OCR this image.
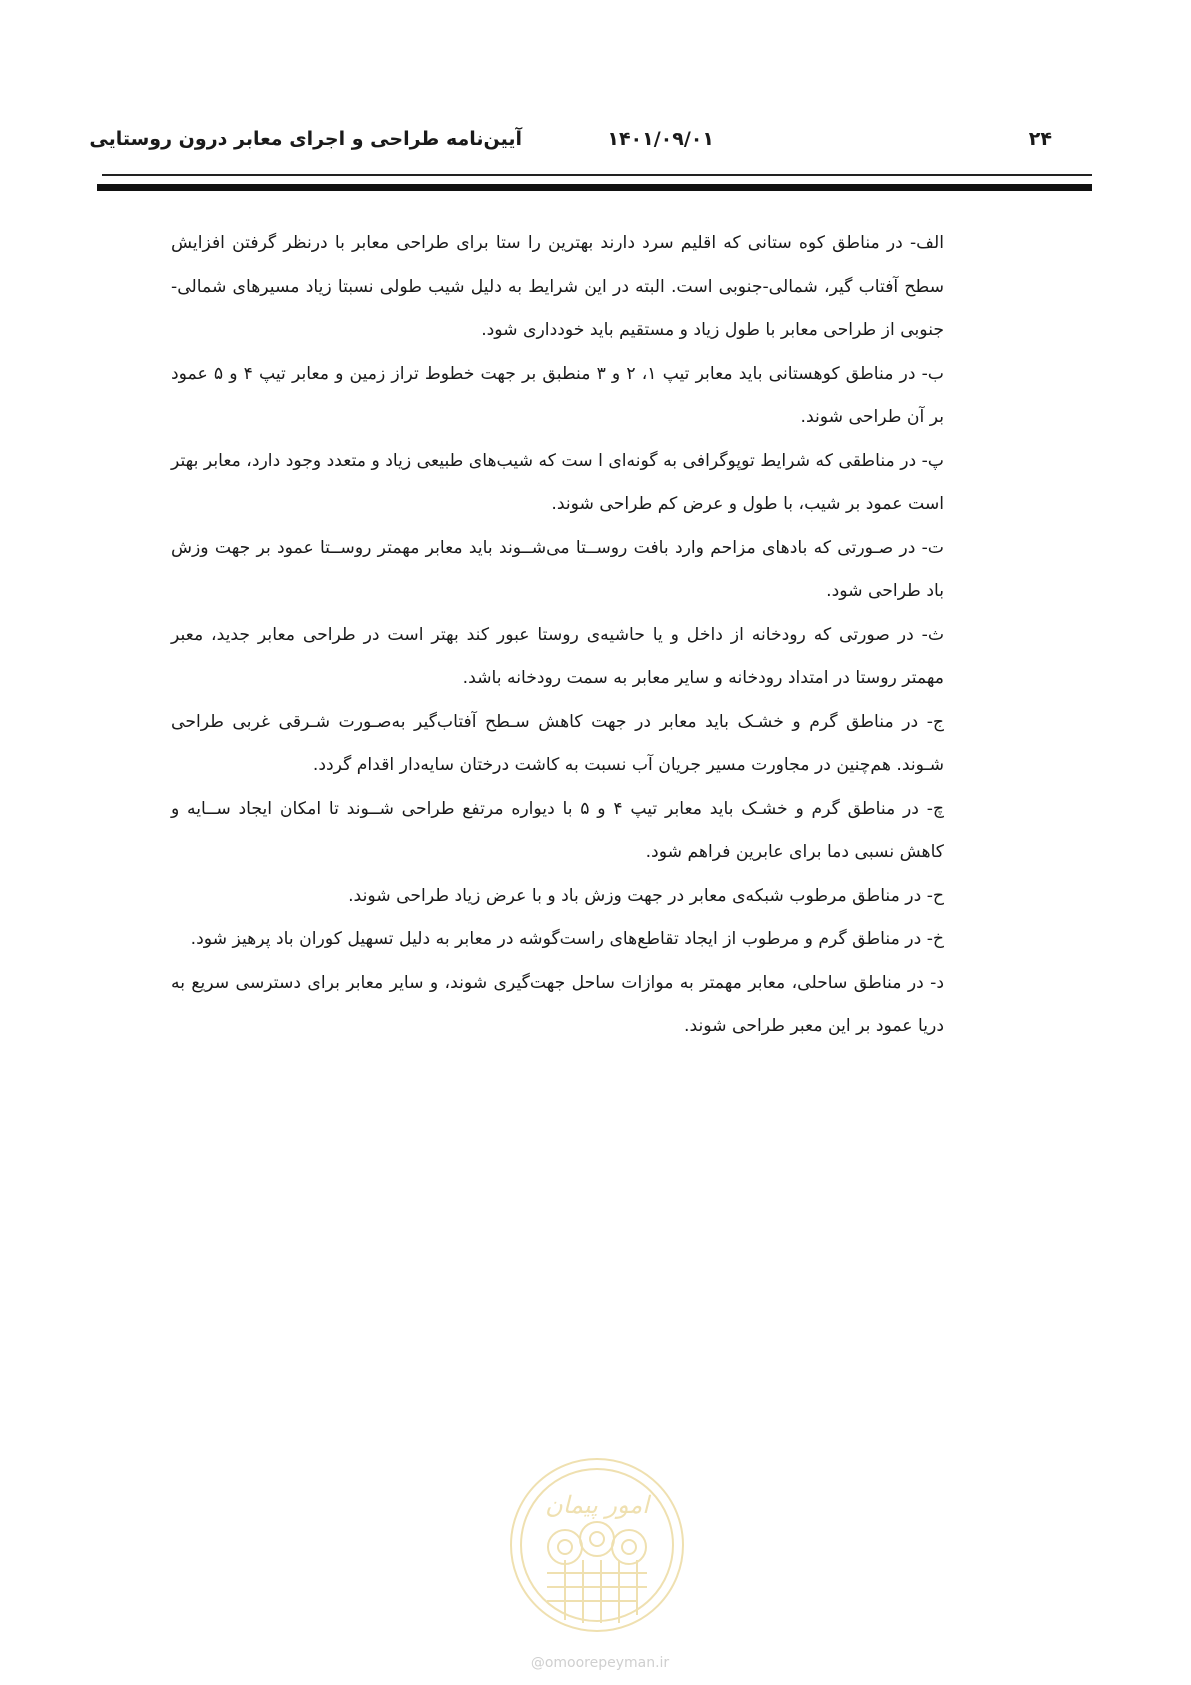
۲۴
۱۴۰۱/۰۹/۰۱
آیین‌نامه طراحی و اجرای معابر درون روستایی

الف- در مناطق کوه ستانی که اقلیم سرد دارند بهترین را ستا برای طراحی معابر با درنظر گرفتن افزایش سطح آفتاب گیر، شمالی-جنوبی است. البته در این شرایط به دلیل شیب طولی نسبتا زیاد مسیرهای شمالی-جنوبی از طراحی معابر با طول زیاد و مستقیم باید خودداری شود.

ب- در مناطق کوهستانی باید معابر تیپ ۱، ۲ و ۳ منطبق بر جهت خطوط تراز زمین و معابر تیپ ۴ و ۵ عمود بر آن طراحی شوند.

پ- در مناطقی که شرایط توپوگرافی به گونه‌ای ا ست که شیب‌های طبیعی زیاد و متعدد وجود دارد، معابر بهتر است عمود بر شیب، با طول و عرض کم طراحی شوند.

ت- در صـورتی که بادهای مزاحم وارد بافت روســتا می‌شــوند باید معابر مهمتر روســتا عمود بر جهت وزش باد طراحی شود.

ث- در صورتی که رودخانه از داخل و یا حاشیه‌ی روستا عبور کند بهتر است در طراحی معابر جدید، معبر مهمتر روستا در امتداد رودخانه و سایر معابر به سمت رودخانه باشد.

ج- در مناطق گرم و خشـک باید معابر در جهت کاهش سـطح آفتاب‌گیر به‌صـورت شـرقی غربی طراحی شـوند. هم‌چنین در مجاورت مسیر جریان آب نسبت به کاشت درختان سایه‌دار اقدام گردد.

چ- در مناطق گرم و خشـک باید معابر تیپ ۴ و ۵ با دیواره مرتفع طراحی شــوند تا امکان ایجاد ســایه و کاهش نسبی دما برای عابرین فراهم شود.

ح- در مناطق مرطوب شبکه‌ی معابر در جهت وزش باد و با عرض زیاد طراحی شوند.

خ- در مناطق گرم و مرطوب از ایجاد تقاطع‌های راست‌گوشه در معابر به دلیل تسهیل کوران باد پرهیز شود.

د- در مناطق ساحلی، معابر مهمتر به موازات ساحل جهت‌گیری شوند، و سایر معابر برای دسترسی سریع به دریا عمود بر این معبر طراحی شوند.

امور پیمان
@omoorepeyman.ir
